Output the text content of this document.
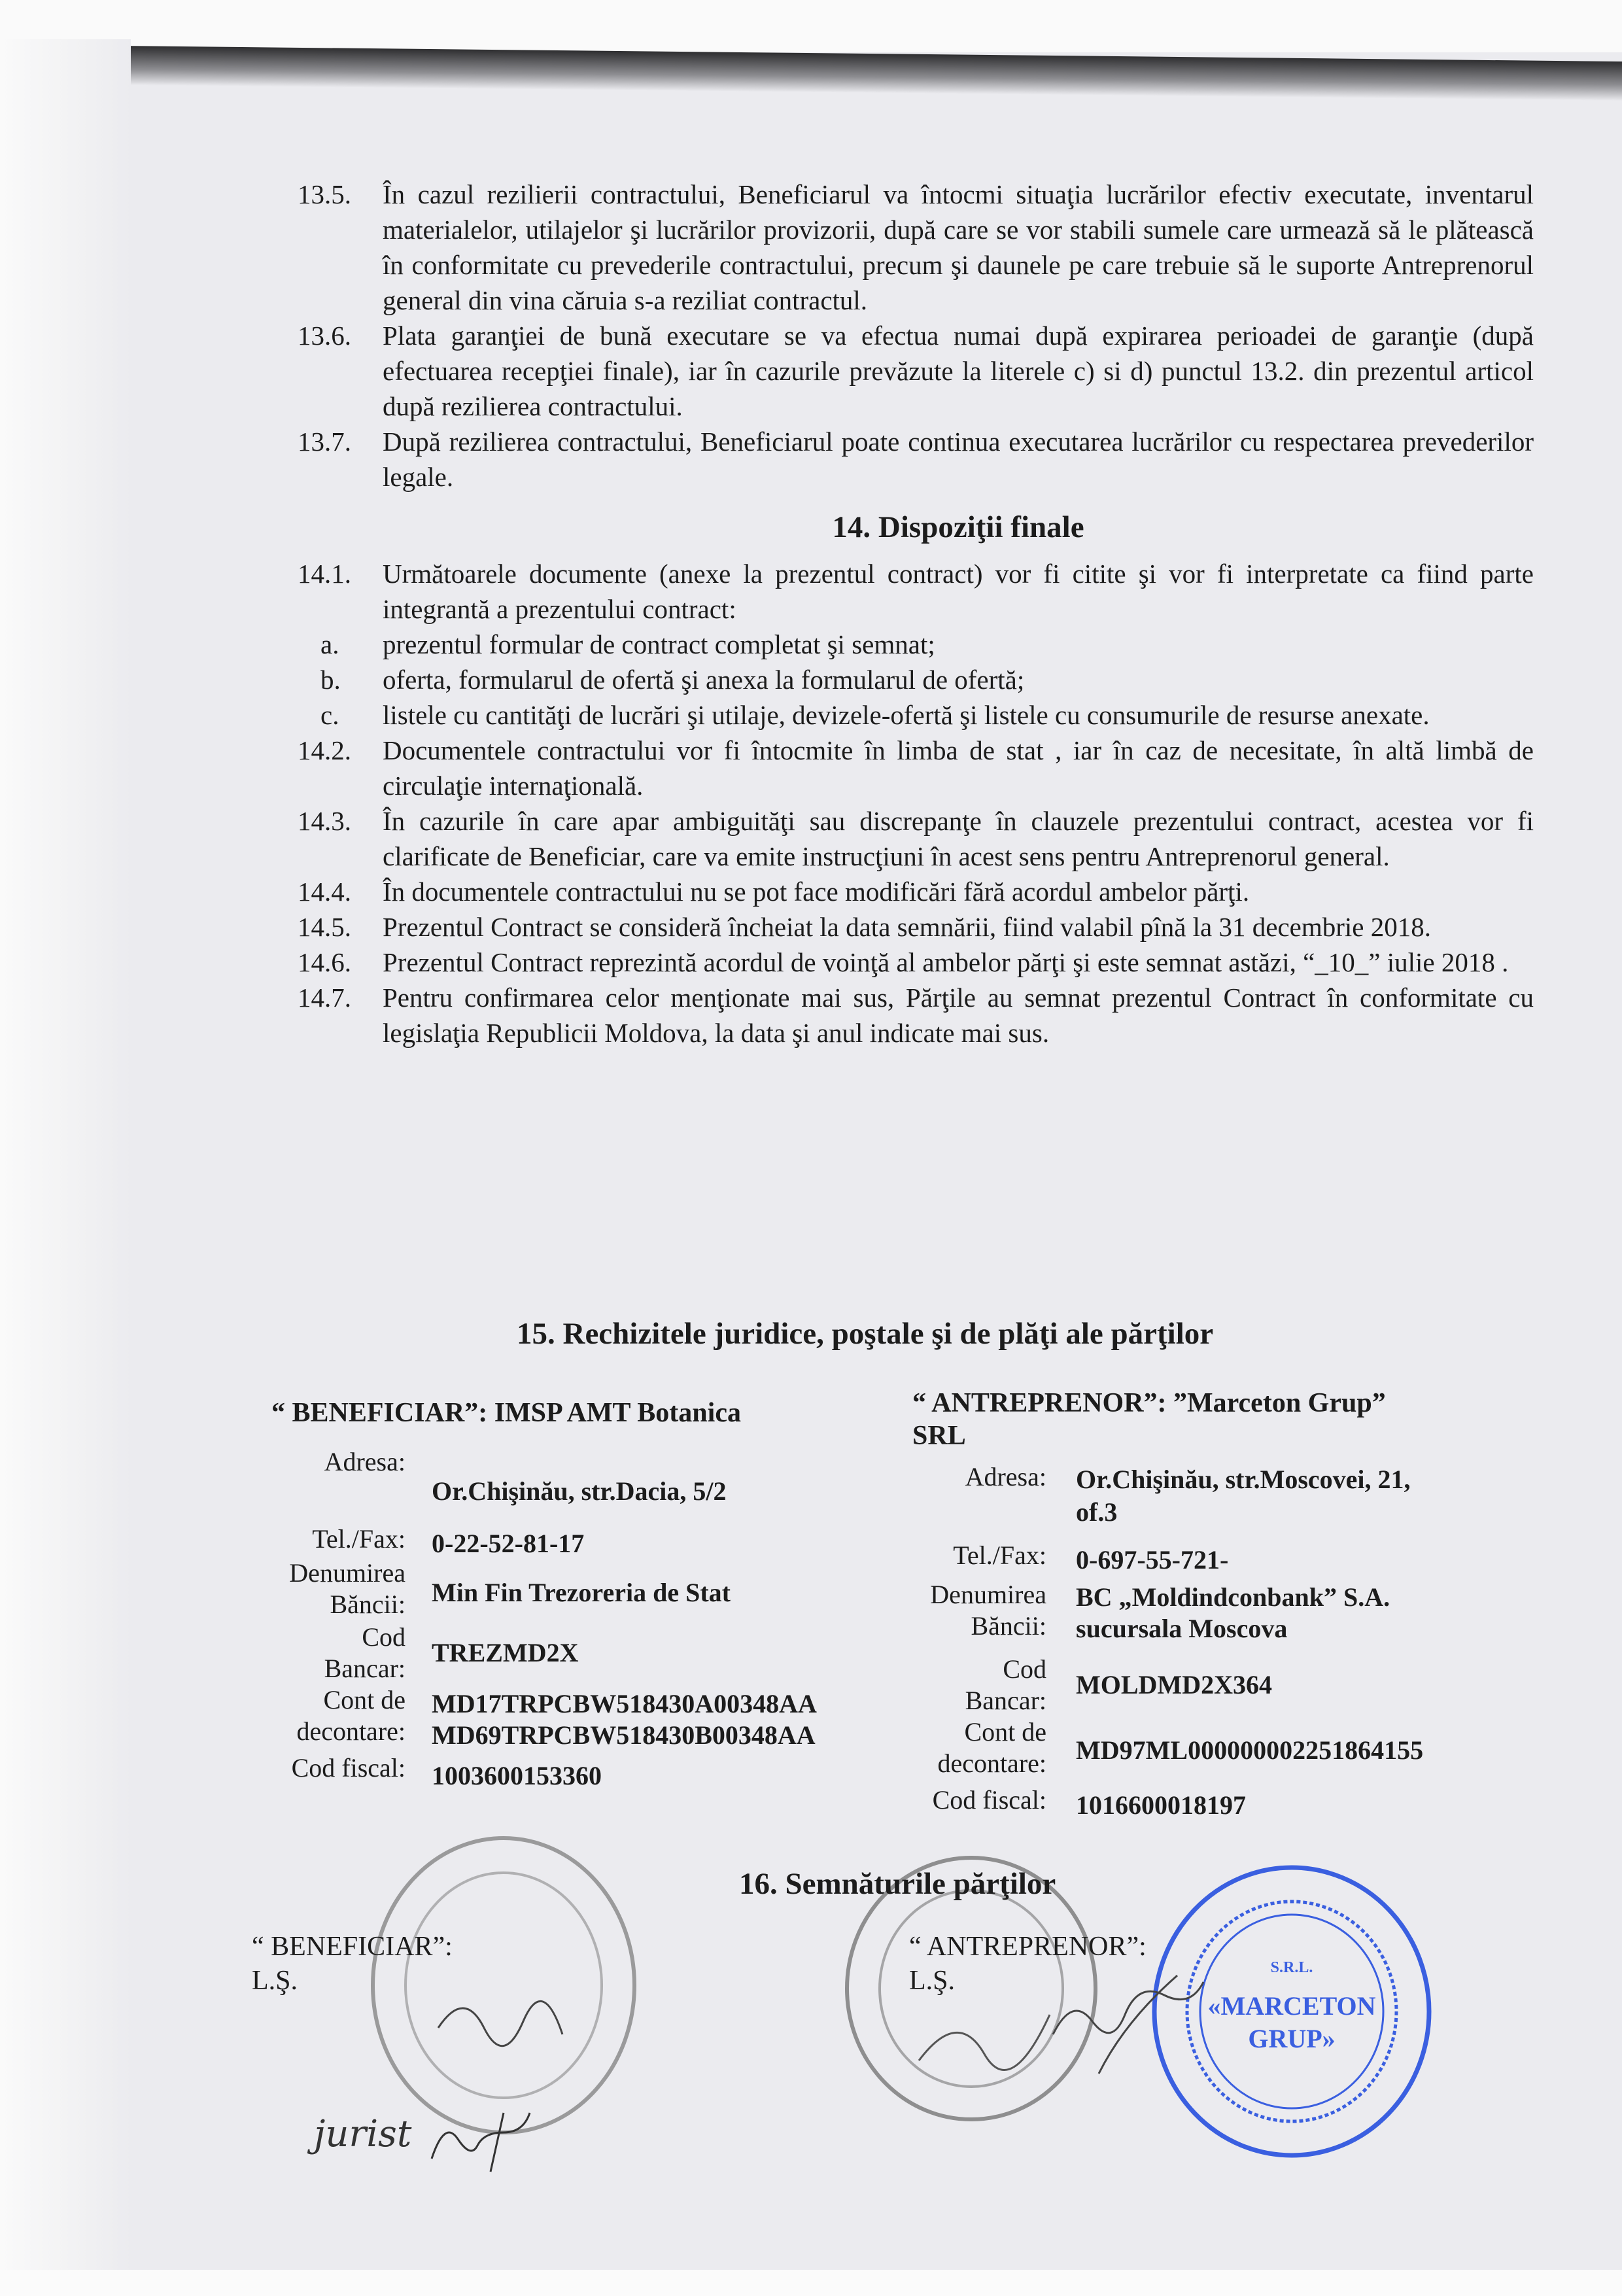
13.5.	În cazul rezilierii contractului, Beneficiarul va întocmi situaţia lucrărilor efectiv executate, inventarul materialelor, utilajelor şi lucrărilor provizorii, după care se vor stabili sumele care urmează să le plătească în conformitate cu prevederile contractului, precum şi daunele pe care trebuie să le suporte Antreprenorul general din vina căruia s-a reziliat contractul.
13.6.	Plata garanţiei de bună executare se va efectua numai după expirarea perioadei de garanţie (după efectuarea recepţiei finale), iar în cazurile prevăzute la literele c) si d) punctul 13.2. din prezentul articol după rezilierea contractului.
13.7.	După rezilierea contractului, Beneficiarul poate continua executarea lucrărilor cu respectarea prevederilor legale.
14. Dispoziţii finale
14.1.	Următoarele documente (anexe la prezentul contract) vor fi citite şi vor fi interpretate ca fiind parte integrantă a prezentului contract:
a.	prezentul formular de contract completat şi semnat;
b.	oferta, formularul de ofertă şi anexa la formularul de ofertă;
c.	listele cu cantităţi de lucrări şi utilaje, devizele-ofertă şi listele cu consumurile de resurse anexate.
14.2.	Documentele contractului vor fi întocmite în limba de stat , iar în caz de necesitate, în altă limbă de circulaţie internaţională.
14.3.	În cazurile în care apar ambiguităţi sau discrepanţe în clauzele prezentului contract, acestea vor fi clarificate de Beneficiar, care va emite instrucţiuni în acest sens pentru Antreprenorul general.
14.4.	În documentele contractului nu se pot face modificări fără acordul ambelor părţi.
14.5.	Prezentul Contract se consideră încheiat la data semnării, fiind valabil pînă la 31 decembrie 2018.
14.6.	Prezentul Contract reprezintă acordul de voinţă al ambelor părţi şi este semnat astăzi, “_10_” iulie 2018 .
14.7.	Pentru confirmarea celor menţionate mai sus, Părţile au semnat prezentul Contract în conformitate cu legislaţia Republicii Moldova, la data şi anul indicate mai sus.
15. Rechizitele juridice, poştale şi de plăţi ale părţilor
“ BENEFICIAR”: IMSP AMT Botanica
Adresa:
Or.Chişinău, str.Dacia, 5/2
Tel./Fax: 0-22-52-81-17
Denumirea
Băncii: Min Fin Trezoreria de Stat
Cod
Bancar:
TREZMD2X
Cont de
decontare:
MD17TRPCBW518430A00348AA
MD69TRPCBW518430B00348AA
Cod fiscal: 1003600153360
“ ANTREPRENOR”: ”Marceton Grup”
SRL
Adresa: Or.Chişinău, str.Moscovei, 21,
of.3
Tel./Fax: 0-697-55-721-
Denumirea
Băncii:
BC „Moldindconbank” S.A.
sucursala Moscova
Cod
Bancar:
MOLDMD2X364
Cont de
decontare: MD97ML000000002251864155
Cod fiscal: 1016600018197
S.R.L.
«MARCETON
GRUP»
16. Semnăturile părţilor
“ BENEFICIAR”:
L.Ş.
“ ANTREPRENOR”:
L.Ş.
jurist
